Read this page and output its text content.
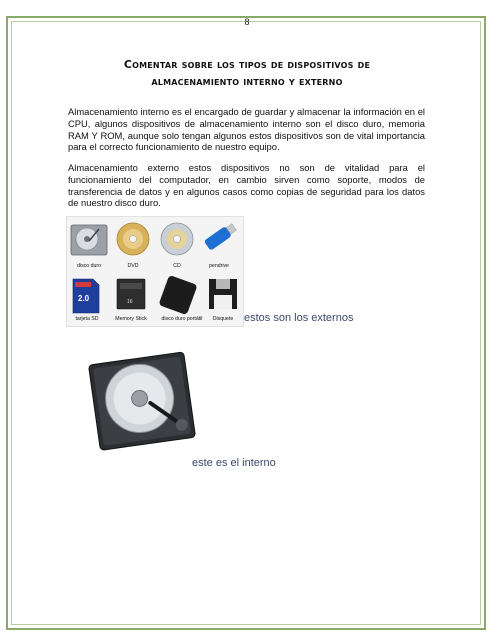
8
Comentar sobre los tipos de dispositivos de
almacenamiento interno y externo

Almacenamiento interno es el encargado de guardar y almacenar la información en el CPU, algunos dispositivos de almacenamiento interno son el disco duro, memoria RAM Y ROM, aunque solo tengan algunos estos dispositivos son de vital importancia para el correcto funcionamiento de nuestro equipo.

Almacenamiento externo estos dispositivos no son de vitalidad para el funcionamiento del computador, en cambio sirven como soporte, modos de transferencia de datos y en algunos casos como copias de seguridad para los datos de nuestro disco duro.

2.0	16
disco duro	DVD	CD	pendrive
tarjeta SD	Memory Stick	disco duro portátil	Disquete estos son los externos
este es el interno
